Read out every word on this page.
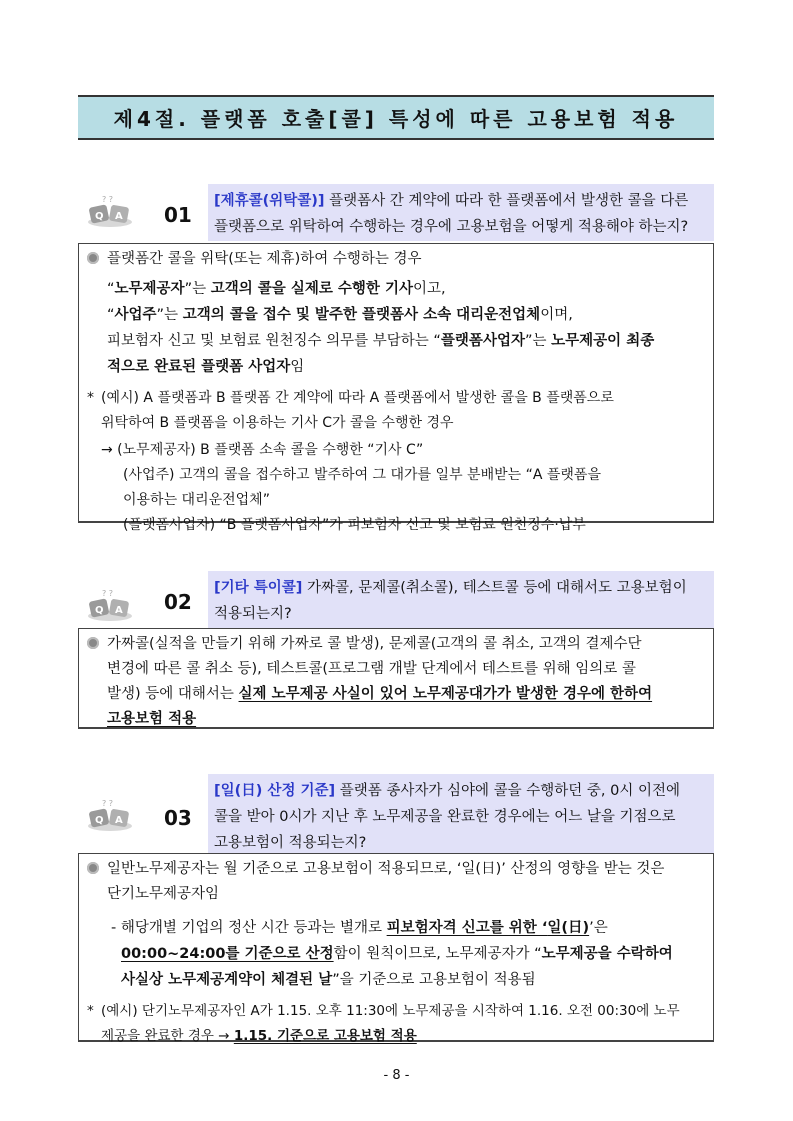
제4절. 플랫폼 호출[콜] 특성에 따른 고용보험 적용
Q A
? ?
01
[제휴콜(위탁콜)] 플랫폼사 간 계약에 따라 한 플랫폼에서 발생한 콜을 다른
플랫폼으로 위탁하여 수행하는 경우에 고용보험을 어떻게 적용해야 하는지?
플랫폼간 콜을 위탁(또는 제휴)하여 수행하는 경우
“노무제공자”는 고객의 콜을 실제로 수행한 기사이고,
“사업주”는 고객의 콜을 접수 및 발주한 플랫폼사 소속 대리운전업체이며,
피보험자 신고 및 보험료 원천징수 의무를 부담하는 “플랫폼사업자”는 노무제공이 최종
적으로 완료된 플랫폼 사업자임
* (예시) A 플랫폼과 B 플랫폼 간 계약에 따라 A 플랫폼에서 발생한 콜을 B 플랫폼으로
위탁하여 B 플랫폼을 이용하는 기사 C가 콜을 수행한 경우
→ (노무제공자) B 플랫폼 소속 콜을 수행한 “기사 C”
(사업주) 고객의 콜을 접수하고 발주하여 그 대가를 일부 분배받는 “A 플랫폼을
이용하는 대리운전업체”
(플랫폼사업자) “B 플랫폼사업자”가 피보험자 신고 및 보험료 원천징수·납부
Q A
? ?	02
[기타 특이콜] 가짜콜, 문제콜(취소콜), 테스트콜 등에 대해서도 고용보험이
적용되는지?
가짜콜(실적을 만들기 위해 가짜로 콜 발생), 문제콜(고객의 콜 취소, 고객의 결제수단
변경에 따른 콜 취소 등), 테스트콜(프로그램 개발 단계에서 테스트를 위해 임의로 콜
발생) 등에 대해서는 실제 노무제공 사실이 있어 노무제공대가가 발생한 경우에 한하여
고용보험 적용
Q A
? ?
03
[일(日) 산정 기준] 플랫폼 종사자가 심야에 콜을 수행하던 중, 0시 이전에
콜을 받아 0시가 지난 후 노무제공을 완료한 경우에는 어느 날을 기점으로
고용보험이 적용되는지?
일반노무제공자는 월 기준으로 고용보험이 적용되므로, ‘일(日)’ 산정의 영향을 받는 것은
단기노무제공자임
- 해당개별 기업의 정산 시간 등과는 별개로 피보험자격 신고를 위한 ‘일(日)’은
00:00~24:00를 기준으로 산정함이 원칙이므로, 노무제공자가 “노무제공을 수락하여
사실상 노무제공계약이 체결된 날”을 기준으로 고용보험이 적용됨
* (예시) 단기노무제공자인 A가 1.15. 오후 11:30에 노무제공을 시작하여 1.16. 오전 00:30에 노무
제공을 완료한 경우 → 1.15. 기준으로 고용보험 적용
- 8 -
